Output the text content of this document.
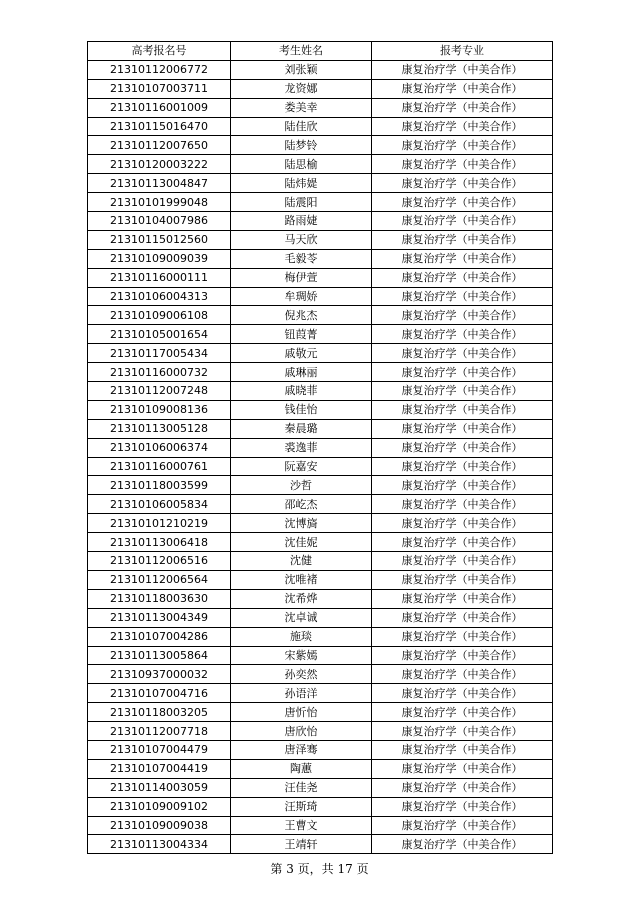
高考报名号	考生姓名	报考专业
21310112006772	刘张颖	康复治疗学（中美合作）
21310107003711	龙资娜	康复治疗学（中美合作）
21310116001009	娄美幸	康复治疗学（中美合作）
21310115016470	陆佳欣	康复治疗学（中美合作）
21310112007650	陆梦铃	康复治疗学（中美合作）
21310120003222	陆思榆	康复治疗学（中美合作）
21310113004847	陆炜媞	康复治疗学（中美合作）
21310101999048	陆震阳	康复治疗学（中美合作）
21310104007986	路雨婕	康复治疗学（中美合作）
21310115012560	马天欣	康复治疗学（中美合作）
21310109009039	毛毅苓	康复治疗学（中美合作）
21310116000111	梅伊萱	康复治疗学（中美合作）
21310106004313	牟琱娇	康复治疗学（中美合作）
21310109006108	倪兆杰	康复治疗学（中美合作）
21310105001654	钮葭菁	康复治疗学（中美合作）
21310117005434	戚敬元	康复治疗学（中美合作）
21310116000732	戚琳丽	康复治疗学（中美合作）
21310112007248	戚晓菲	康复治疗学（中美合作）
21310109008136	钱佳怡	康复治疗学（中美合作）
21310113005128	秦晨璐	康复治疗学（中美合作）
21310106006374	裘逸菲	康复治疗学（中美合作）
21310116000761	阮嘉安	康复治疗学（中美合作）
21310118003599	沙哲	康复治疗学（中美合作）
21310106005834	邵屹杰	康复治疗学（中美合作）
21310101210219	沈博旖	康复治疗学（中美合作）
21310113006418	沈佳妮	康复治疗学（中美合作）
21310112006516	沈健	康复治疗学（中美合作）
21310112006564	沈唯褚	康复治疗学（中美合作）
21310118003630	沈希烨	康复治疗学（中美合作）
21310113004349	沈卓诚	康复治疗学（中美合作）
21310107004286	施琰	康复治疗学（中美合作）
21310113005864	宋紫嫣	康复治疗学（中美合作）
21310937000032	孙奕然	康复治疗学（中美合作）
21310107004716	孙语洋	康复治疗学（中美合作）
21310118003205	唐忻怡	康复治疗学（中美合作）
21310112007718	唐欣怡	康复治疗学（中美合作）
21310107004479	唐泽骞	康复治疗学（中美合作）
21310107004419	陶蕙	康复治疗学（中美合作）
21310114003059	汪佳尧	康复治疗学（中美合作）
21310109009102	汪斯琦	康复治疗学（中美合作）
21310109009038	王曹文	康复治疗学（中美合作）
21310113004334	王靖轩	康复治疗学（中美合作）
第 3 页，共 17 页
